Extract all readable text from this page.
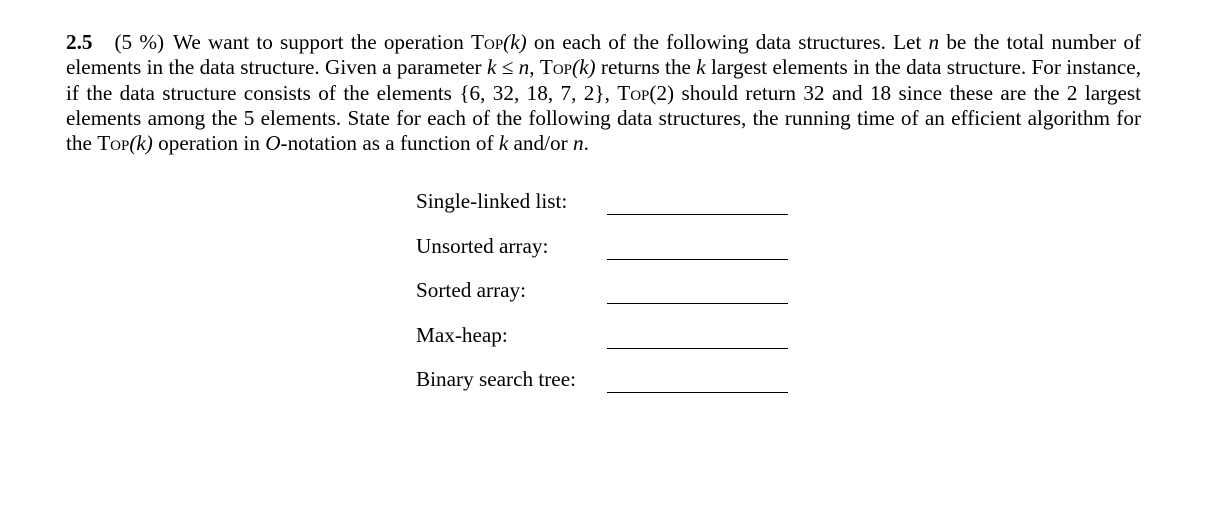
2.5 (5 %) We want to support the operation Top(k) on each of the following data structures. Let n be the total number of elements in the data structure. Given a parameter k ≤ n, Top(k) returns the k largest elements in the data structure. For instance, if the data structure consists of the elements {6, 32, 18, 7, 2}, Top(2) should return 32 and 18 since these are the 2 largest elements among the 5 elements. State for each of the following data structures, the running time of an efficient algorithm for the Top(k) operation in O-notation as a function of k and/or n.
Single-linked list:
Unsorted array:
Sorted array:
Max-heap:
Binary search tree:
